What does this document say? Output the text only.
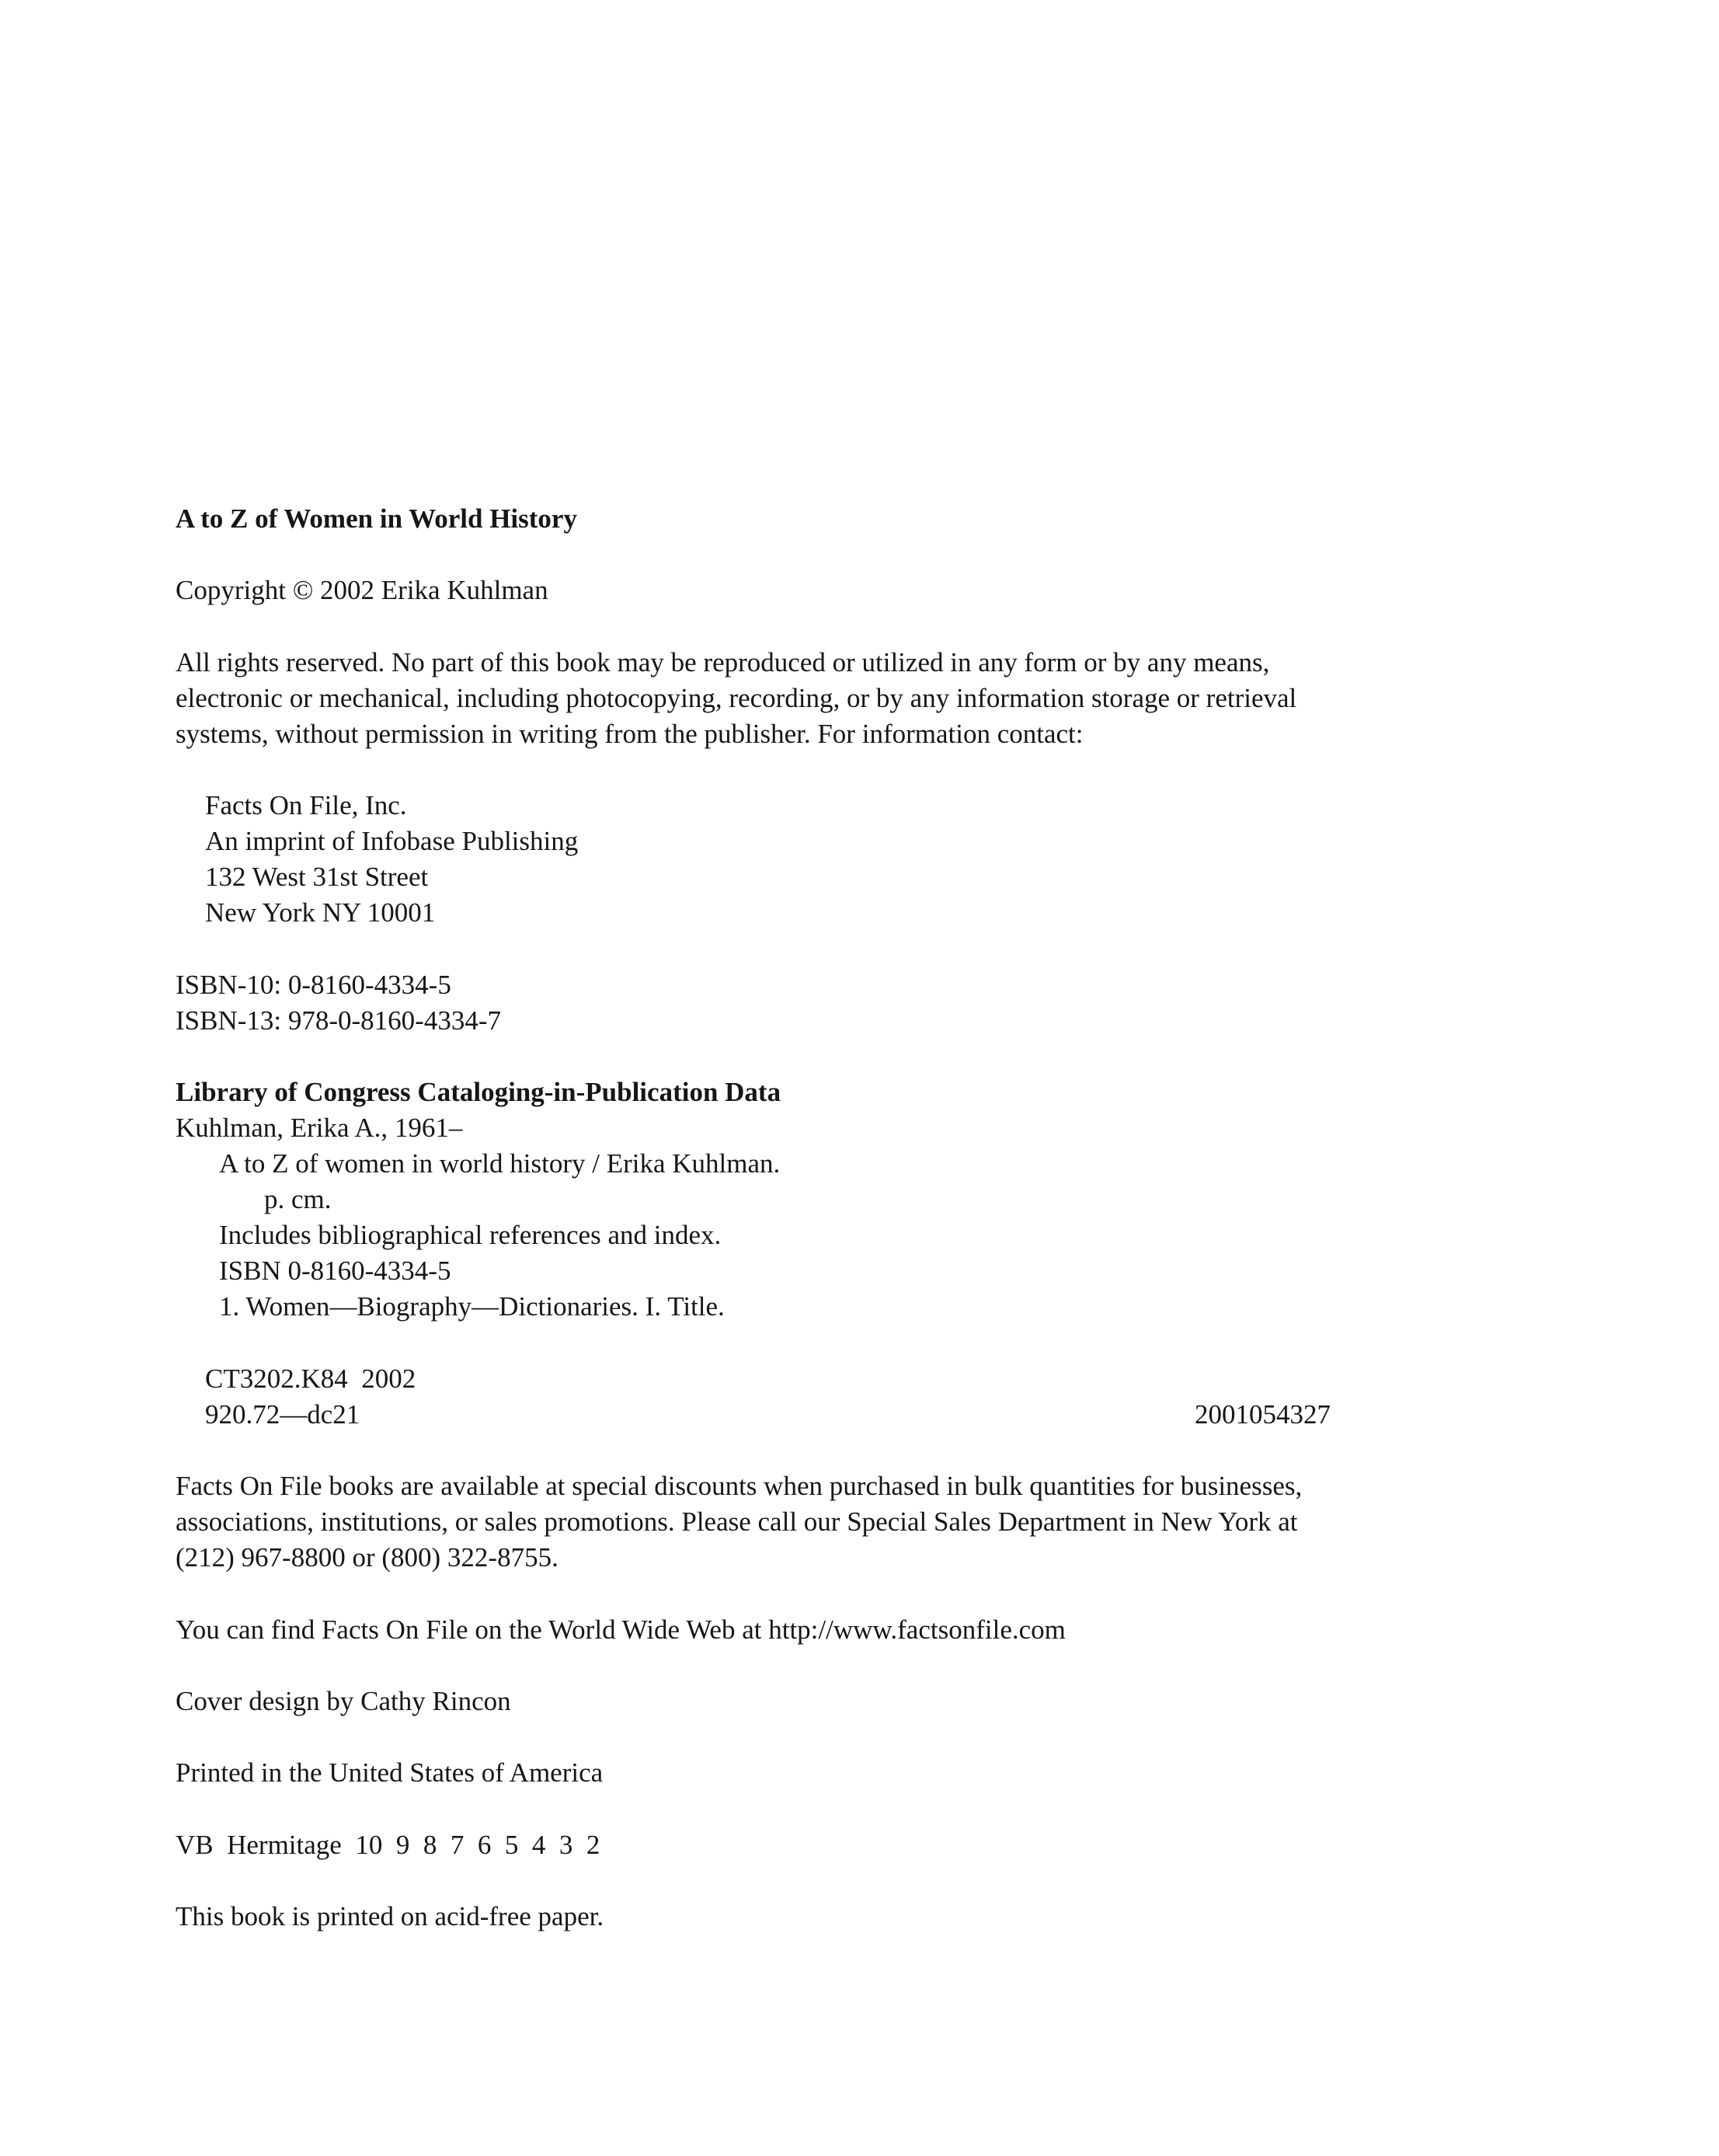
A to Z of Women in World History

Copyright © 2002 Erika Kuhlman

All rights reserved. No part of this book may be reproduced or utilized in any form or by any means,

electronic or mechanical, including photocopying, recording, or by any information storage or retrieval

systems, without permission in writing from the publisher. For information contact:

Facts On File, Inc.

An imprint of Infobase Publishing

132 West 31st Street

New York NY 10001

ISBN-10: 0-8160-4334-5

ISBN-13: 978-0-8160-4334-7

Library of Congress Cataloging-in-Publication Data

Kuhlman, Erika A., 1961–

A to Z of women in world history / Erika Kuhlman.

p. cm.

Includes bibliographical references and index.

ISBN 0-8160-4334-5

1. Women—Biography—Dictionaries. I. Title.

CT3202.K84  2002

920.72—dc21	2001054327

Facts On File books are available at special discounts when purchased in bulk quantities for businesses,

associations, institutions, or sales promotions. Please call our Special Sales Department in New York at

(212) 967-8800 or (800) 322-8755.

You can find Facts On File on the World Wide Web at http://www.factsonfile.com

Cover design by Cathy Rincon

Printed in the United States of America

VB  Hermitage  10  9  8  7  6  5  4  3  2

This book is printed on acid-free paper.
